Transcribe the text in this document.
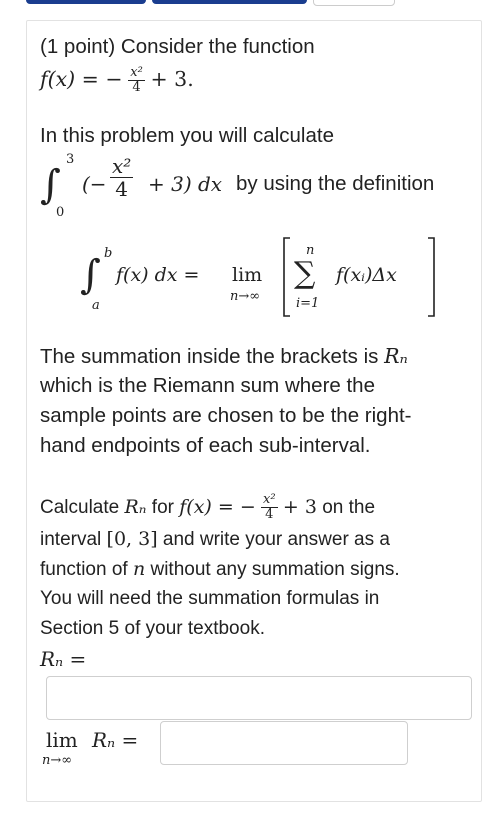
(1 point) Consider the function
f(x) = − $\frac{\text{x²}}{4} + 3$.
In this problem you will calculate
∫
3
0
(− $\frac{\text{x²}}{4} + 3$) dx by using the definition
∫ b
a
f(x) dx = lim
n→∞
n
∑
i=1
f(xᵢ)Δx
The summation inside the brackets is Rₙ
which is the Riemann sum where the
sample points are chosen to be the right-
hand endpoints of each sub-interval.
Calculate Rₙ for f(x) = − $\frac{\text{x²}}{4} + 3$ on the
interval [0, 3] and write your answer as a
function of n without any summation signs.
You will need the summation formulas in
Section 5 of your textbook.
Rₙ =
lim
n→∞
Rₙ =
